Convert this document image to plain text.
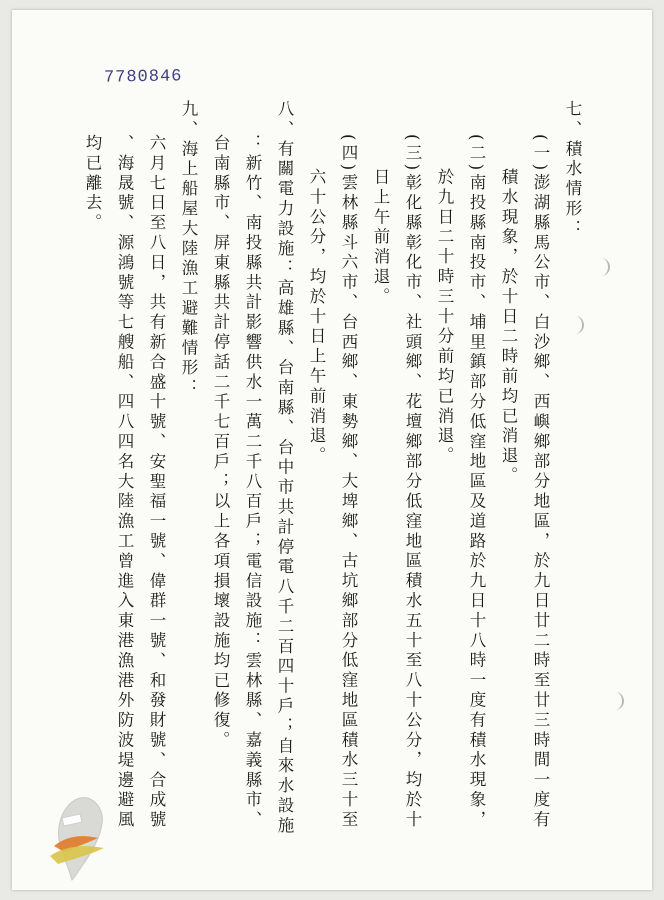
7780846
七、積水情形：
(一)澎湖縣馬公市、白沙鄉、西嶼鄉部分地區，於九日廿二時至廿三時間一度有
積水現象，於十日二時前均已消退。
(二)南投縣南投市、埔里鎮部分低窪地區及道路於九日十八時一度有積水現象，
於九日二十時三十分前均已消退。
(三)彰化縣彰化市、社頭鄉、花壇鄉部分低窪地區積水五十至八十公分，均於十
日上午前消退。
(四)雲林縣斗六市、台西鄉、東勢鄉、大埤鄉、古坑鄉部分低窪地區積水三十至
六十公分，均於十日上午前消退。
八、有關電力設施：高雄縣、台南縣、台中市共計停電八千二百四十戶；自來水設施
：新竹、南投縣共計影響供水一萬二千八百戶；電信設施：雲林縣、嘉義縣市、
台南縣市、屏東縣共計停話二千七百戶；以上各項損壞設施均已修復。
九、海上船屋大陸漁工避難情形：
六月七日至八日，共有新合盛十號、安聖福一號、偉群一號、和發財號、合成號
、海晟號、源鴻號等七艘船、四八四名大陸漁工曾進入東港漁港外防波堤邊避風
均已離去。
